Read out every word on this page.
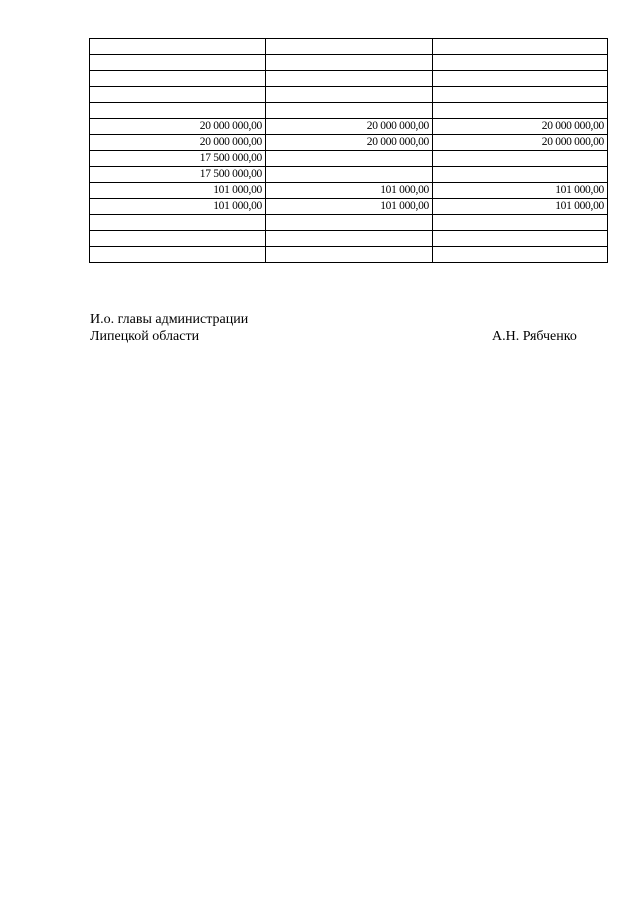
20 000 000,00	20 000 000,00	20 000 000,00
20 000 000,00	20 000 000,00	20 000 000,00
17 500 000,00		
17 500 000,00		
101 000,00	101 000,00	101 000,00
101 000,00	101 000,00	101 000,00

И.о. главы администрации
Липецкой области	А.Н. Рябченко
